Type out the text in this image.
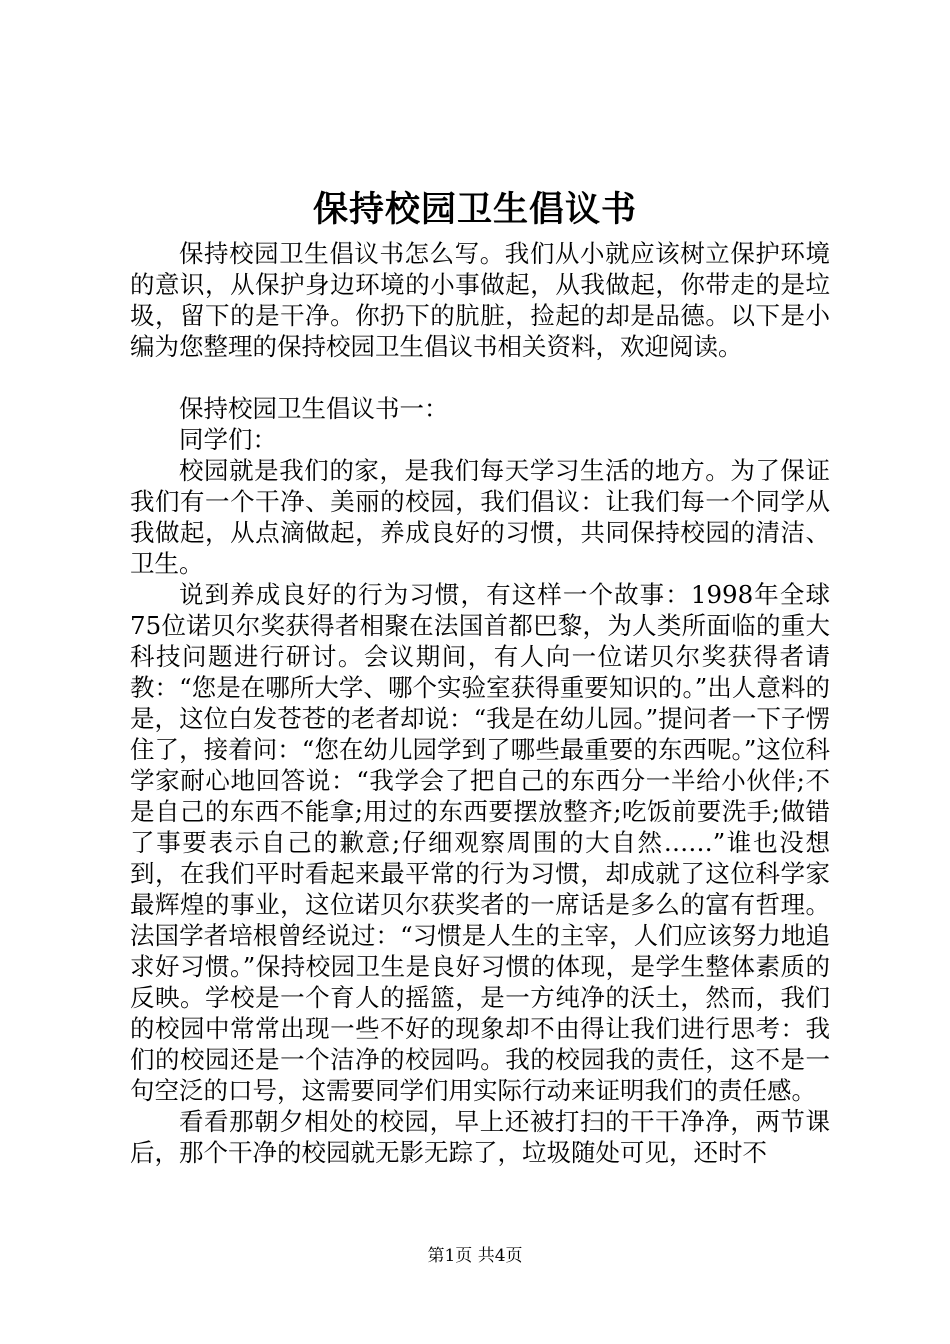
保持校园卫生倡议书

保持校园卫生倡议书怎么写。我们从小就应该树立保护环境的意识，从保护身边环境的小事做起，从我做起，你带走的是垃圾，留下的是干净。你扔下的肮脏，捡起的却是品德。以下是小编为您整理的保持校园卫生倡议书相关资料，欢迎阅读。

保持校园卫生倡议书一：

同学们：

校园就是我们的家，是我们每天学习生活的地方。为了保证我们有一个干净、美丽的校园，我们倡议：让我们每一个同学从我做起，从点滴做起，养成良好的习惯，共同保持校园的清洁、卫生。

说到养成良好的行为习惯，有这样一个故事：1998年全球75位诺贝尔奖获得者相聚在法国首都巴黎，为人类所面临的重大科技问题进行研讨。会议期间，有人向一位诺贝尔奖获得者请教：“您是在哪所大学、哪个实验室获得重要知识的。”出人意料的是，这位白发苍苍的老者却说：“我是在幼儿园。”提问者一下子愣住了，接着问：“您在幼儿园学到了哪些最重要的东西呢。”这位科学家耐心地回答说：“我学会了把自己的东西分一半给小伙伴;不是自己的东西不能拿;用过的东西要摆放整齐;吃饭前要洗手;做错了事要表示自己的歉意;仔细观察周围的大自然……”谁也没想到，在我们平时看起来最平常的行为习惯，却成就了这位科学家最辉煌的事业，这位诺贝尔获奖者的一席话是多么的富有哲理。法国学者培根曾经说过：“习惯是人生的主宰，人们应该努力地追求好习惯。”保持校园卫生是良好习惯的体现，是学生整体素质的反映。学校是一个育人的摇篮，是一方纯净的沃土，然而，我们的校园中常常出现一些不好的现象却不由得让我们进行思考：我们的校园还是一个洁净的校园吗。我的校园我的责任，这不是一句空泛的口号，这需要同学们用实际行动来证明我们的责任感。

看看那朝夕相处的校园，早上还被打扫的干干净净，两节课后，那个干净的校园就无影无踪了，垃圾随处可见，还时不

第1页 共4页
